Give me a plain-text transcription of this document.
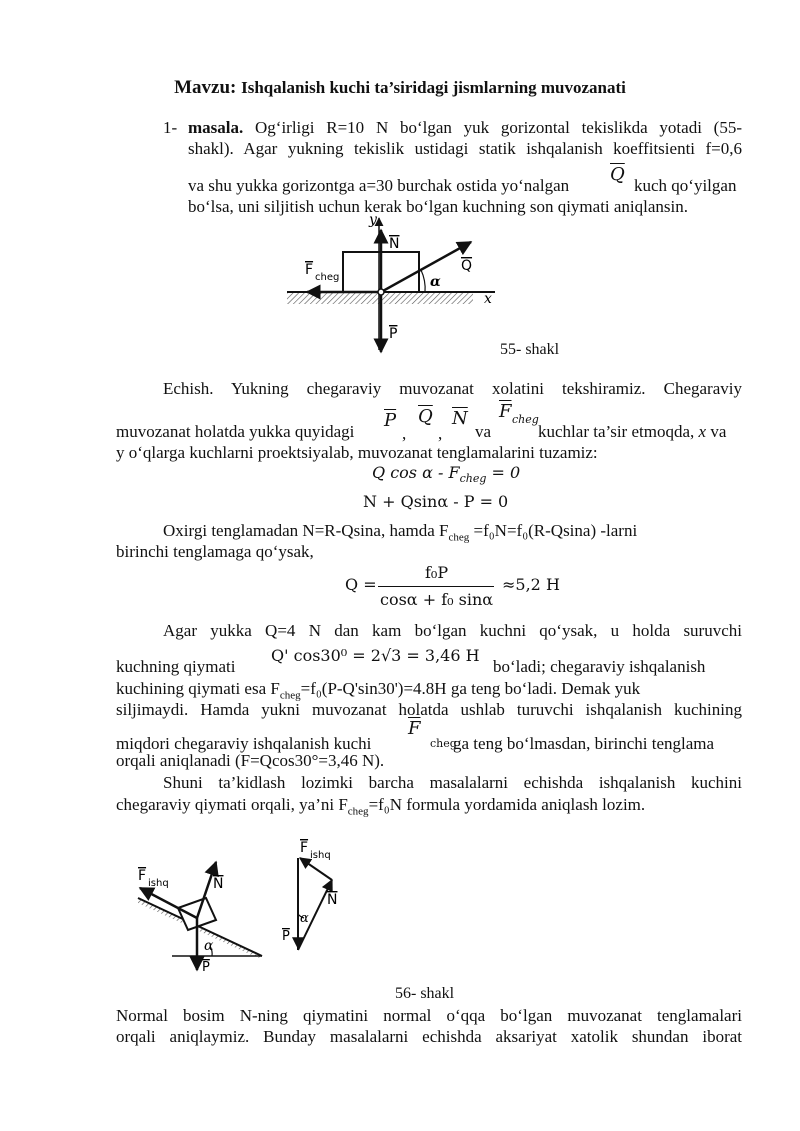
Mavzu: Ishqalanish kuchi ta’siridagi jismlarning muvozanati
1- masala. Og‘irligi R=10 N bo‘lgan yuk gorizontal tekislikda yotadi (55-
shakl). Agar yukning tekislik ustidagi statik ishqalanish koeffitsienti f=0,6
va shu yukka gorizontga a=30 burchak ostida yo‘nalgan
$\overline{Q}$
kuch qo‘yilgan
bo‘lsa, uni siljitish uchun kerak bo‘lgan kuchning son qiymati aniqlansin.
y
x
N
Q
P
F cheg	α
55- shakl
Echish. Yukning chegaraviy muvozanat xolatini tekshiramiz. Chegaraviy
muvozanat holatda yukka quyidagi
$\overline{P}$
,
$\overline{Q}$
,
$\overline{N}$
va
$\overline{F}$ cheg
kuchlar ta’sir etmoqda, x va
y o‘qlarga kuchlarni proektsiyalab, muvozanat tenglamalarini tuzamiz:
Q $\cos \alpha - F_{cheg} = 0$
N + Qsinα - P = 0
Oxirgi tenglamadan N=R-Qsina, hamda $F_{cheg} =f_0N=f_0(R-Qsina)$ -larni
birinchi tenglamaga qo‘ysak,
Q =
f₀P
cosα + f₀ sinα
≈5,2 H
Agar yukka Q=4 N dan kam bo‘lgan kuchni qo‘ysak, u holda suruvchi
kuchning qiymati
Q' cos30⁰ = 2√3 = 3,46 H
bo‘ladi; chegaraviy ishqalanish
kuchining qiymati esa $F_{cheg}=f_0(P-Q'\sin 30')=4.8H$ ga teng bo‘ladi. Demak yuk
siljimaydi. Hamda yukni muvozanat holatda ushlab turuvchi ishqalanish kuchining
miqdori chegaraviy ishqalanish kuchi
$\overline{F}$
cheg
ga teng bo‘lmasdan, birinchi tenglama
orqali aniqlanadi (F=Qcos30°=3,46 N).
Shuni ta’kidlash lozimki barcha masalalarni echishda ishqalanish kuchini
chegaraviy qiymati orqali, ya’ni $F_{cheg}=f_0N$ formula yordamida aniqlash lozim.
F ishq	N
P
α
F ishq
N
P
α
56- shakl
Normal bosim N-ning qiymatini normal o‘qqa bo‘lgan muvozanat tenglamalari
orqali aniqlaymiz. Bunday masalalarni echishda aksariyat xatolik shundan iborat
